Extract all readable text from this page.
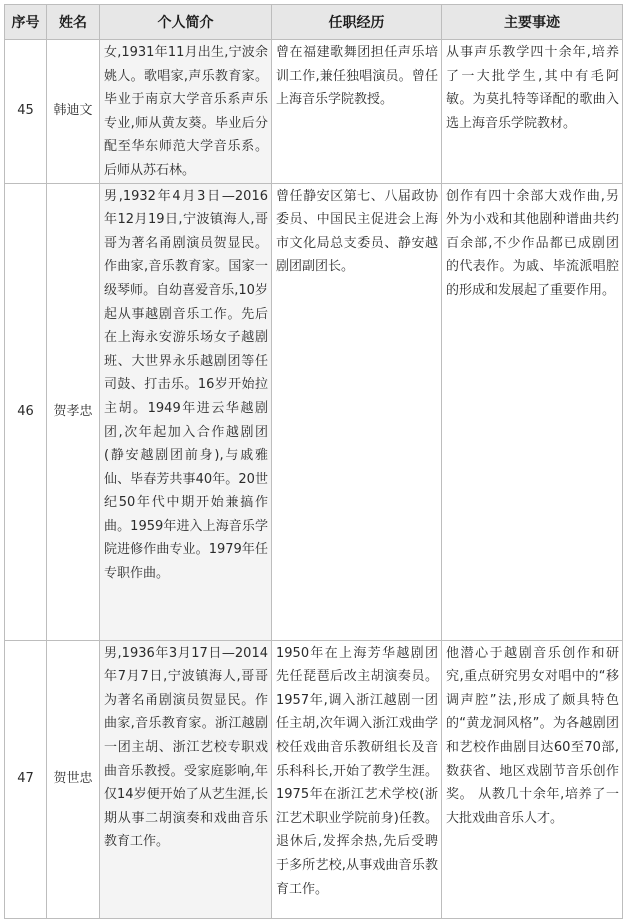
序号	姓名	个人简介	任职经历	主要事迹
45	韩迪文	女,1931年11月出生,宁波余姚人。歌唱家,声乐教育家。毕业于南京大学音乐系声乐专业,师从黄友葵。毕业后分配至华东师范大学音乐系。后师从苏石林。	曾在福建歌舞团担任声乐培训工作,兼任独唱演员。曾任上海音乐学院教授。	从事声乐教学四十余年,培养了一大批学生,其中有毛阿敏。为莫扎特等译配的歌曲入选上海音乐学院教材。
46	贺孝忠	男,1932年4月3日—2016年12月19日,宁波镇海人,哥哥为著名甬剧演员贺显民。作曲家,音乐教育家。国家一级琴师。自幼喜爱音乐,10岁起从事越剧音乐工作。先后在上海永安游乐场女子越剧班、大世界永乐越剧团等任司鼓、打击乐。16岁开始拉主胡。1949年进云华越剧团,次年起加入合作越剧团(静安越剧团前身),与戚雅仙、毕春芳共事40年。20世纪50年代中期开始兼搞作曲。1959年进入上海音乐学院进修作曲专业。1979年任专职作曲。	曾任静安区第七、八届政协委员、中国民主促进会上海市文化局总支委员、静安越剧团副团长。	创作有四十余部大戏作曲,另外为小戏和其他剧种谱曲共约百余部,不少作品都已成剧团的代表作。为戚、毕流派唱腔的形成和发展起了重要作用。
47	贺世忠	男,1936年3月17日—2014年7月7日,宁波镇海人,哥哥为著名甬剧演员贺显民。作曲家,音乐教育家。浙江越剧一团主胡、浙江艺校专职戏曲音乐教授。受家庭影响,年仅14岁便开始了从艺生涯,长期从事二胡演奏和戏曲音乐教育工作。	1950年在上海芳华越剧团先任琵琶后改主胡演奏员。1957年,调入浙江越剧一团任主胡,次年调入浙江戏曲学校任戏曲音乐教研组长及音乐科科长,开始了教学生涯。1975年在浙江艺术学校(浙江艺术职业学院前身)任教。退休后,发挥余热,先后受聘于多所艺校,从事戏曲音乐教育工作。	他潜心于越剧音乐创作和研究,重点研究男女对唱中的“移调声腔”法,形成了颇具特色的“黄龙洞风格”。为各越剧团和艺校作曲剧目达60至70部,数获省、地区戏剧节音乐创作奖。 从教几十余年,培养了一大批戏曲音乐人才。
